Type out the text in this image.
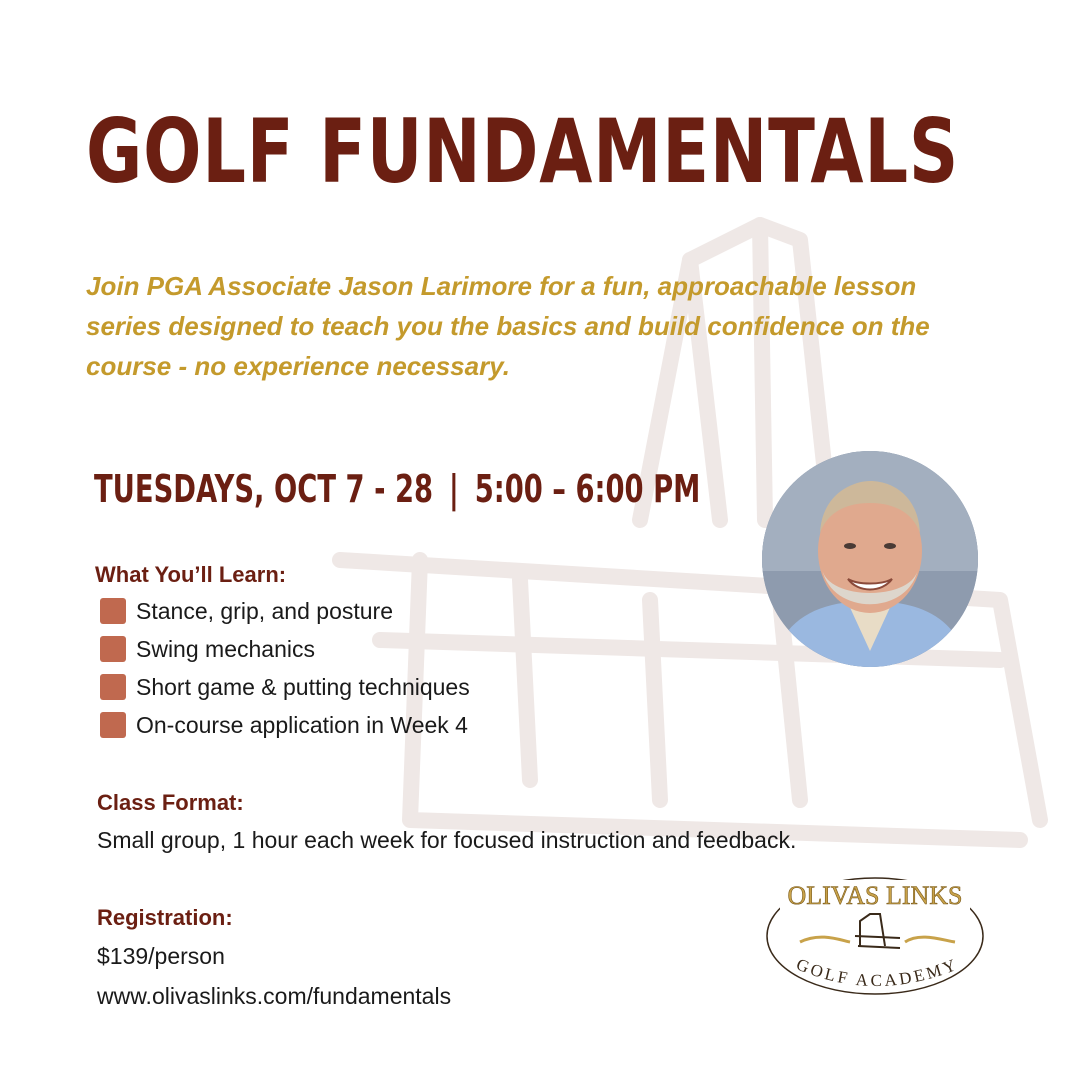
GOLF FUNDAMENTALS
Join PGA Associate Jason Larimore for a fun, approachable lesson series designed to teach you the basics and build confidence on the course - no experience necessary.
TUESDAYS, OCT 7 - 28 | 5:00 – 6:00 PM
What You’ll Learn:
Stance, grip, and posture
Swing mechanics
Short game & putting techniques
On-course application in Week 4
Class Format:
Small group, 1 hour each week for focused instruction and feedback.
Registration:
$139/person
www.olivaslinks.com/fundamentals
OLIVAS LINKS
GOLF ACADEMY
